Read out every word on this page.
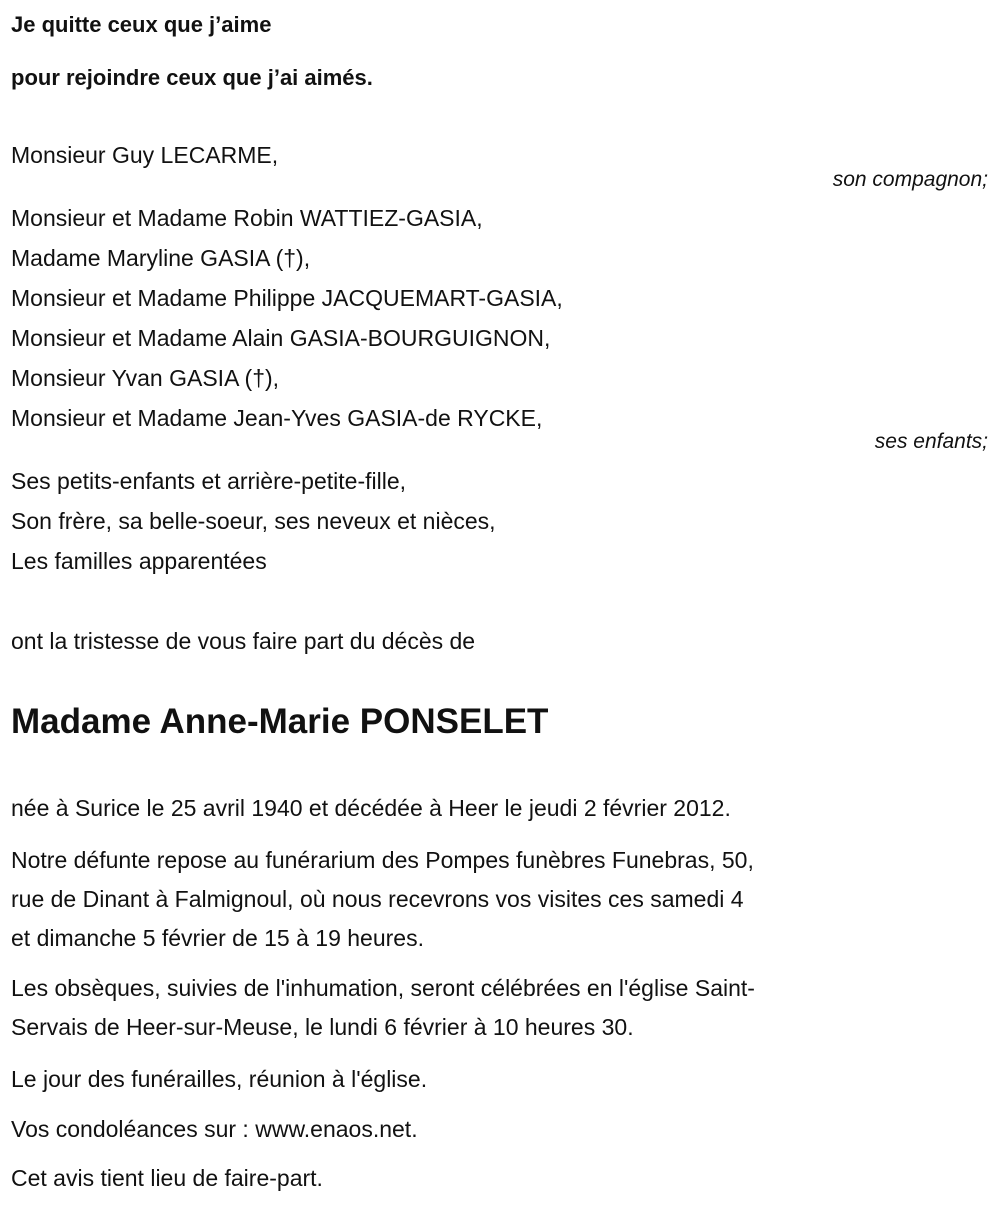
Je quitte ceux que j’aime
pour rejoindre ceux que j’ai aimés.
Monsieur Guy LECARME,
son compagnon;
Monsieur et Madame Robin WATTIEZ-GASIA,
Madame Maryline GASIA (†),
Monsieur et Madame Philippe JACQUEMART-GASIA,
Monsieur et Madame Alain GASIA-BOURGUIGNON,
Monsieur Yvan GASIA (†),
Monsieur et Madame Jean-Yves GASIA-de RYCKE,
ses enfants;
Ses petits-enfants et arrière-petite-fille,
Son frère, sa belle-soeur, ses neveux et nièces,
Les familles apparentées
ont la tristesse de vous faire part du décès de
Madame Anne-Marie PONSELET
née à Surice le 25 avril 1940 et décédée à Heer le jeudi 2 février 2012.
Notre défunte repose au funérarium des Pompes funèbres Funebras, 50,
rue de Dinant à Falmignoul, où nous recevrons vos visites ces samedi 4
et dimanche 5 février de 15 à 19 heures.
Les obsèques, suivies de l'inhumation, seront célébrées en l'église Saint-
Servais de Heer-sur-Meuse, le lundi 6 février à 10 heures 30.
Le jour des funérailles, réunion à l'église.
Vos condoléances sur : www.enaos.net.
Cet avis tient lieu de faire-part.
